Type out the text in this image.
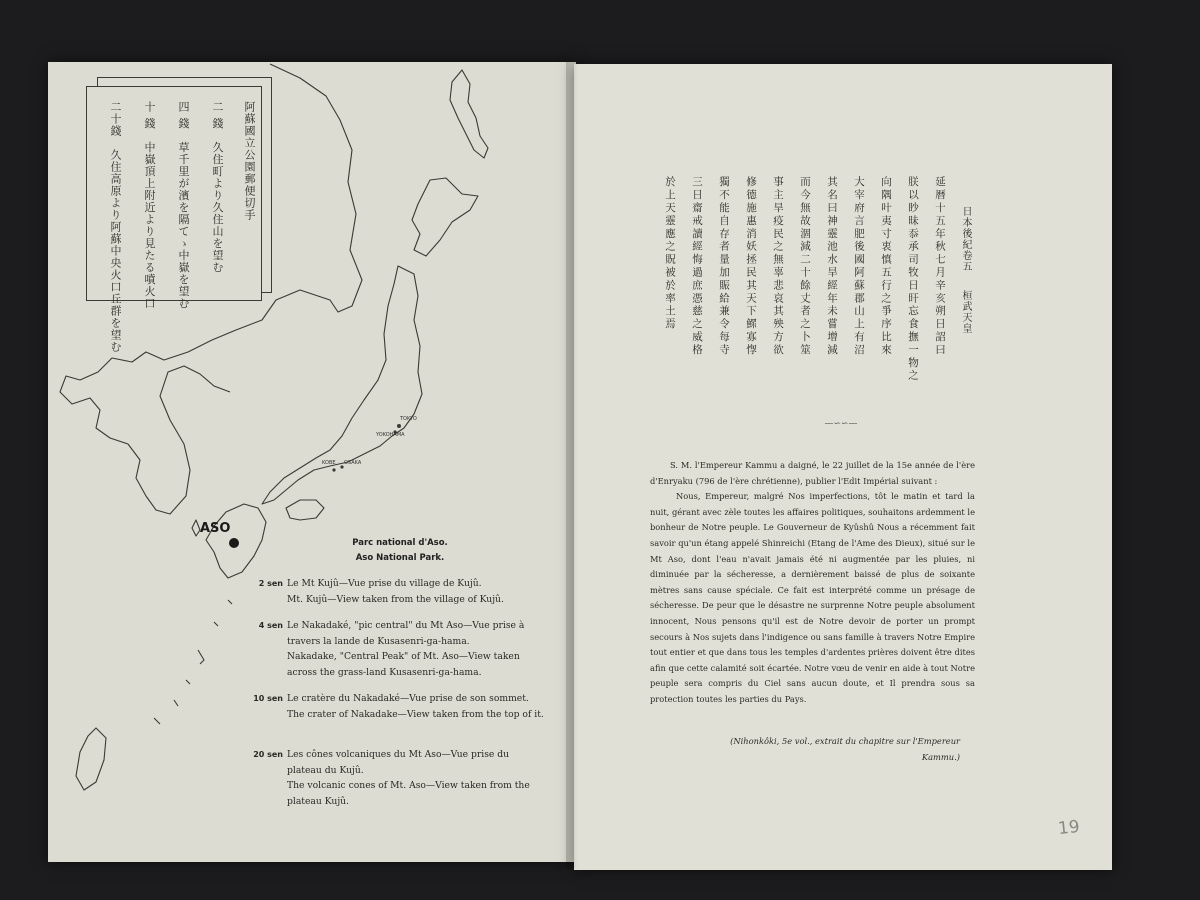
TOKYO
YOKOHAMA
KOBE OSAKA
ASO
阿蘇國立公園郵便切手
二 錢　久住町より久住山を望む
四 錢　草千里が濱を隔てゝ中嶽を望む
十 錢　中嶽頂上附近より見たる噴火口
二十錢　久住高原より阿蘇中央火口丘群を望む
Parc national d'Aso.
Aso National Park.
2 sen Le Mt Kujû—Vue prise du village de Kujû.
Mt. Kujû—View taken from the village of Kujû.
4 sen Le Nakadaké, "pic central" du Mt Aso—Vue prise à travers la lande de Kusasenri-ga-hama.
Nakadake, "Central Peak" of Mt. Aso—View taken across the grass-land Kusasenri-ga-hama.
10 sen Le cratère du Nakadaké—Vue prise de son sommet.
The crater of Nakadake—View taken from the top of it.
20 sen Les cônes volcaniques du Mt Aso—Vue prise du plateau du Kujû.
The volcanic cones of Mt. Aso—View taken from the plateau Kujû.
日本後紀卷五
桓武天皇
延暦十五年秋七月辛亥朔日詔曰
朕以眇昧忝承司牧日旰忘食撫一物之
向隅叶夷寸衷慎五行之爭序比來
大宰府言肥後國阿蘇郡山上有沼
其名曰神靈池水旱經年未嘗增減
而今無故涸減二十餘丈者之卜筮
事主旱疫民之無辜悲哀其殃方欲
修德施惠消妖拯民其天下鰥寡惸
獨不能自存者量加賑給兼令每寺
三日齋戒讀經悔過庶憑慈之威格
於上天靈應之貺被於率土焉
—∽∽—

S. M. l'Empereur Kammu a daigné, le 22 juillet de la 15e année de l'ère d'Enryaku (796 de l'ère chrétienne), publier l'Edit Impérial suivant :

Nous, Empereur, malgré Nos imperfections, tôt le matin et tard la nuit, gérant avec zèle toutes les affaires politiques, souhaitons ardemment le bonheur de Notre peuple. Le Gouverneur de Kyûshû Nous a récemment fait savoir qu'un étang appelé Shinreichi (Etang de l'Ame des Dieux), situé sur le Mt Aso, dont l'eau n'avait jamais été ni augmentée par les pluies, ni diminuée par la sécheresse, a dernièrement baissé de plus de soixante mètres sans cause spéciale. Ce fait est interprété comme un présage de sécheresse. De peur que le désastre ne surprenne Notre peuple absolument innocent, Nous pensons qu'il est de Notre devoir de porter un prompt secours à Nos sujets dans l'indigence ou sans famille à travers Notre Empire tout entier et que dans tous les temples d'ardentes prières doivent être dites afin que cette calamité soit écartée. Notre vœu de venir en aide à tout Notre peuple sera compris du Ciel sans aucun doute, et Il prendra sous sa protection toutes les parties du Pays.

(Nihonkôki, 5e vol., extrait du chapitre sur l'Empereur Kammu.)
19
